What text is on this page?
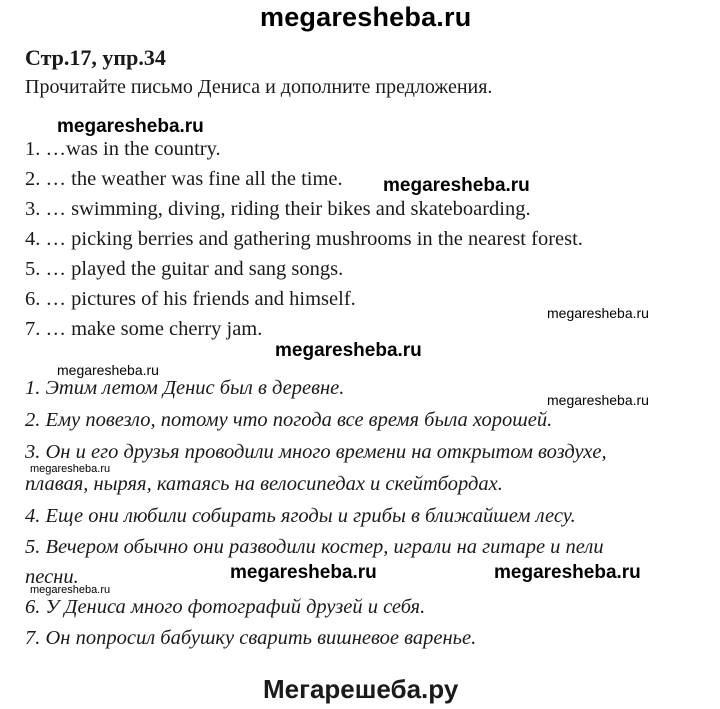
megaresheba.ru
Стр.17, упр.34
Прочитайте письмо Дениса и дополните предложения.
megaresheba.ru
1. …was in the country.
2. … the weather was fine all the time. megaresheba.ru
3. … swimming, diving, riding their bikes and skateboarding.
4. … picking berries and gathering mushrooms in the nearest forest.
5. … played the guitar and sang songs.
6. … pictures of his friends and himself.
megaresheba.ru
7. … make some cherry jam.
megaresheba.ru
megaresheba.ru
1. Этим летом Денис был в деревне.
megaresheba.ru
2. Ему повезло, потому что погода все время была хорошей.
3. Он и его друзья проводили много времени на открытом воздухе,
megaresheba.ru
плавая, ныряя, катаясь на велосипедах и скейтбордах.
4. Еще они любили собирать ягоды и грибы в ближайшем лесу.
5. Вечером обычно они разводили костер, играли на гитаре и пели
песни.	megaresheba.ru	megaresheba.ru
megaresheba.ru
6. У Дениса много фотографий друзей и себя.
7. Он попросил бабушку сварить вишневое варенье.
Мегарешеба.ру
